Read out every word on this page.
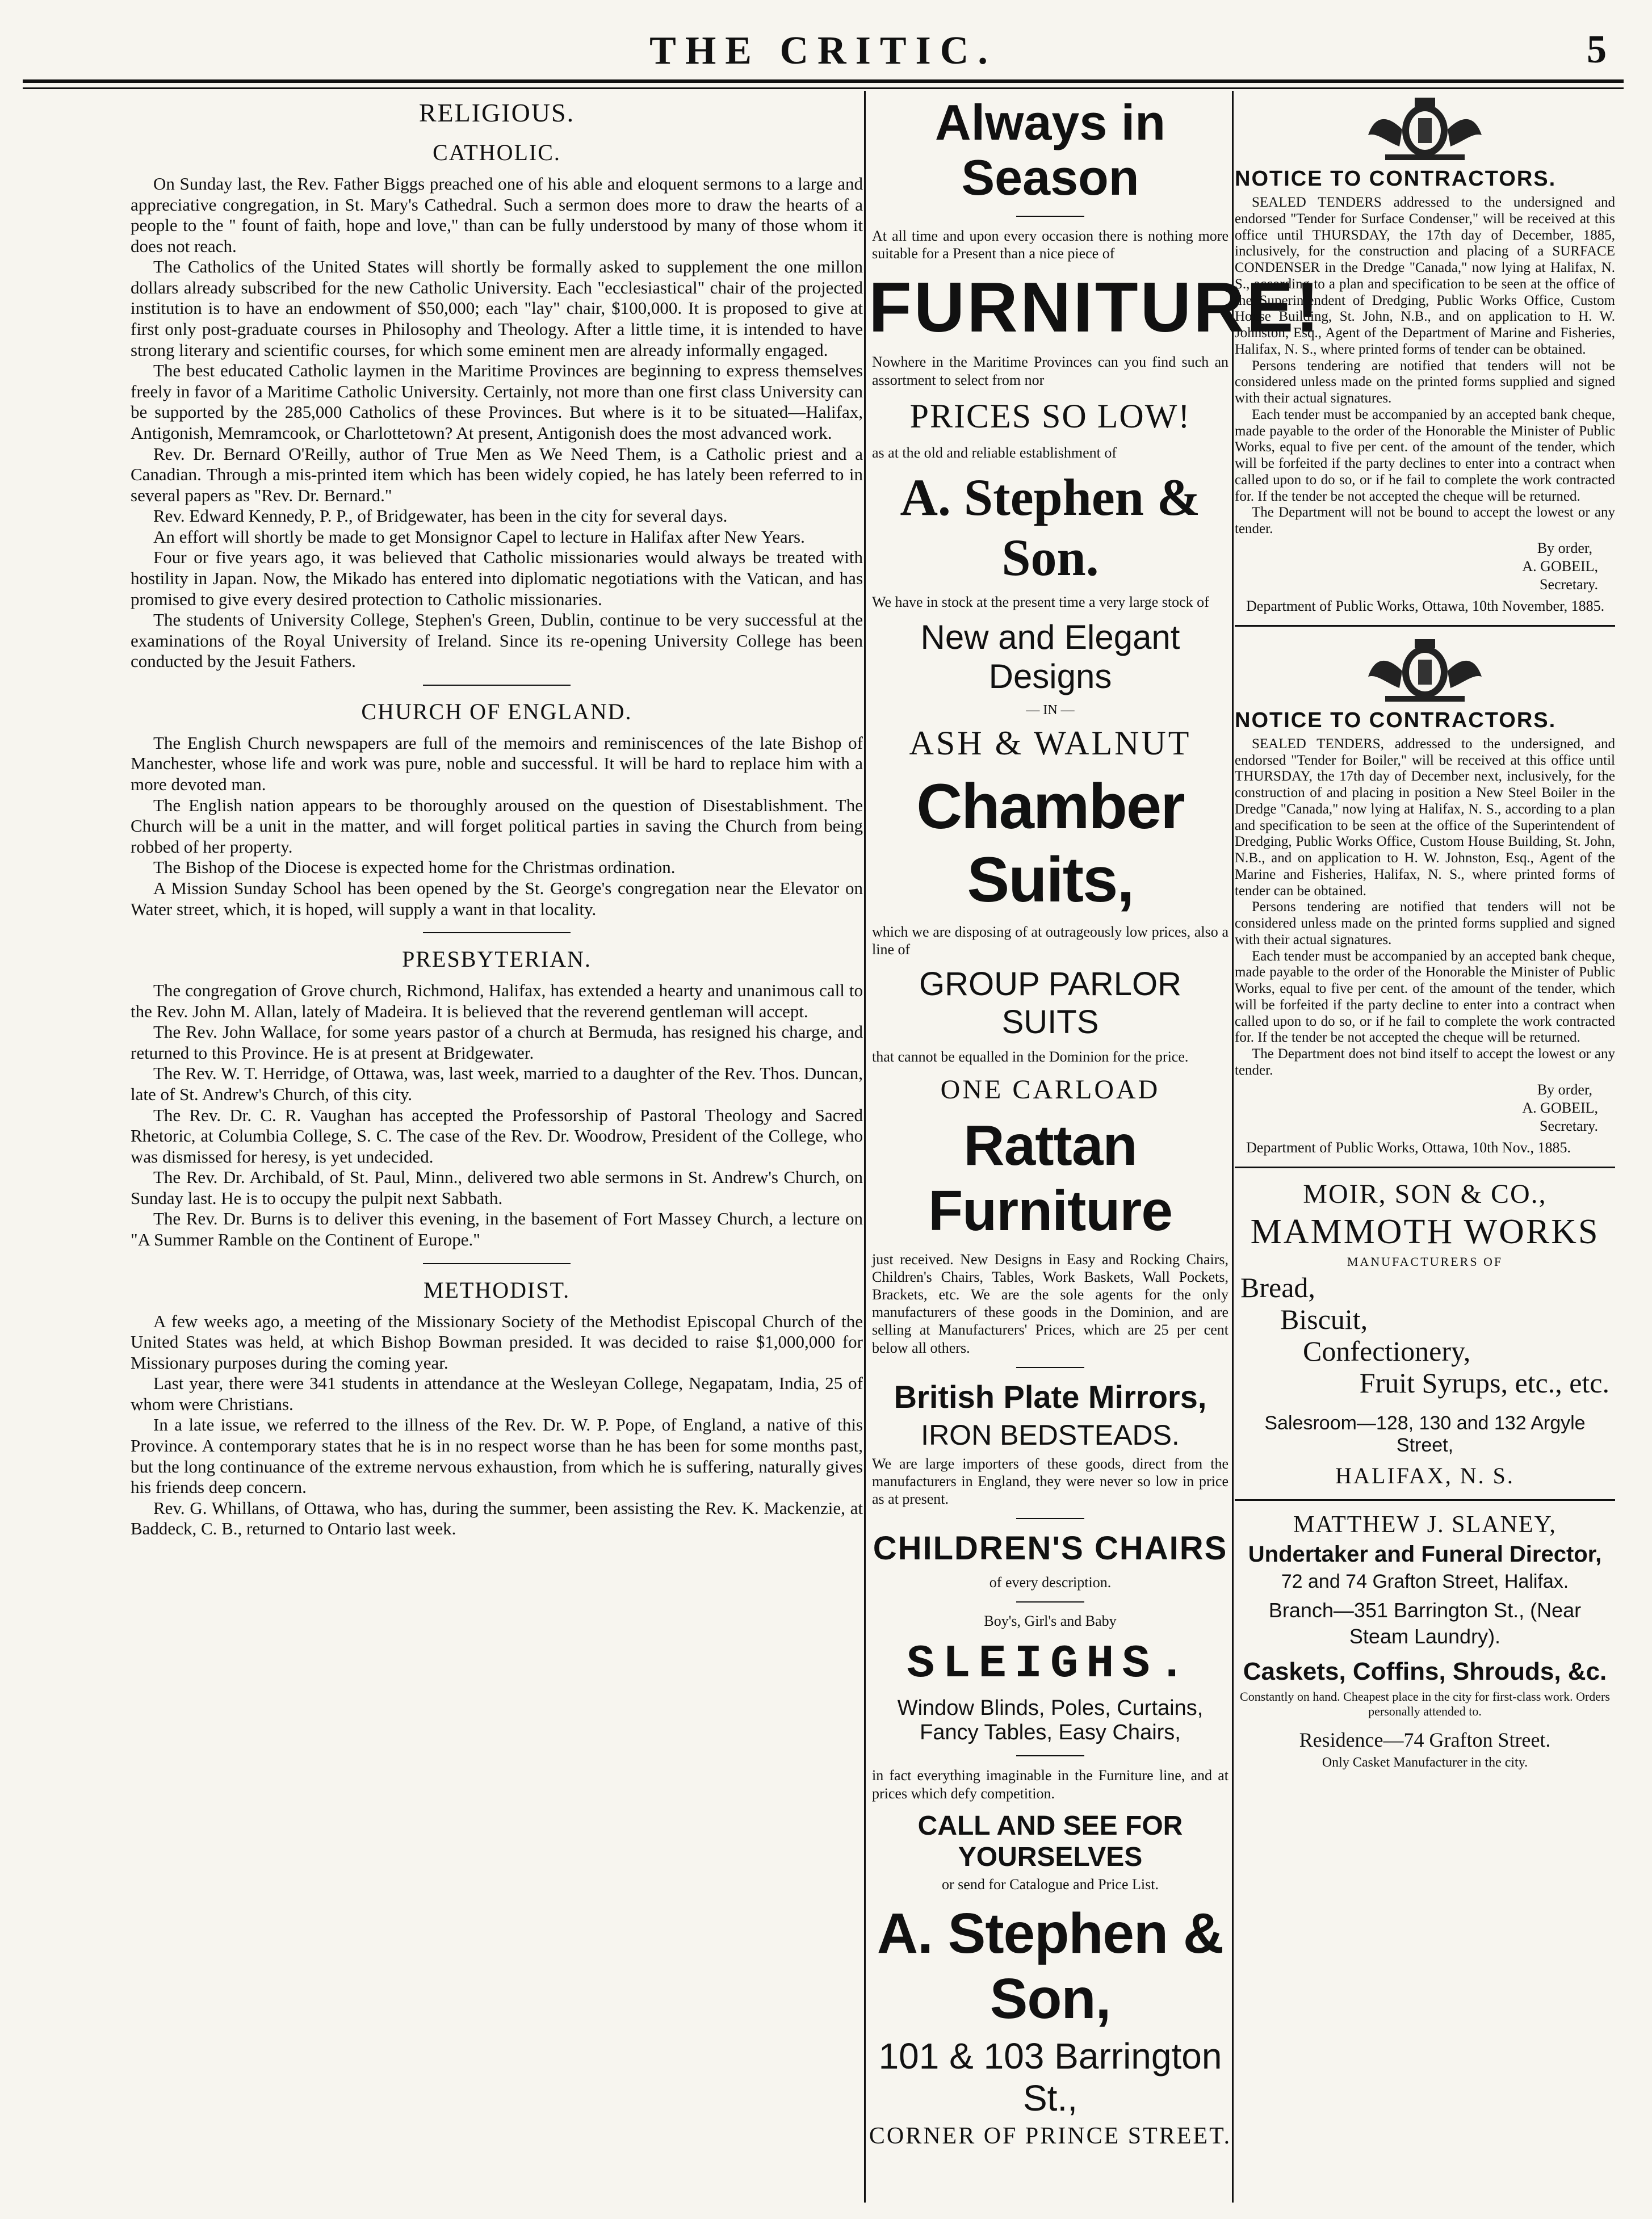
THE CRITIC.	5
RELIGIOUS.
CATHOLIC.

On Sunday last, the Rev. Father Biggs preached one of his able and eloquent sermons to a large and appreciative congregation, in St. Mary's Cathedral. Such a sermon does more to draw the hearts of a people to the " fount of faith, hope and love," than can be fully understood by many of those whom it does not reach.

The Catholics of the United States will shortly be formally asked to supplement the one millon dollars already subscribed for the new Catholic University. Each "ecclesiastical" chair of the projected institution is to have an endowment of $50,000; each "lay" chair, $100,000. It is proposed to give at first only post-graduate courses in Philosophy and Theology. After a little time, it is intended to have strong literary and scientific courses, for which some eminent men are already informally engaged.

The best educated Catholic laymen in the Maritime Provinces are beginning to express themselves freely in favor of a Maritime Catholic University. Certainly, not more than one first class University can be supported by the 285,000 Catholics of these Provinces. But where is it to be situated—Halifax, Antigonish, Memramcook, or Charlottetown? At present, Antigonish does the most advanced work.

Rev. Dr. Bernard O'Reilly, author of True Men as We Need Them, is a Catholic priest and a Canadian. Through a mis-printed item which has been widely copied, he has lately been referred to in several papers as "Rev. Dr. Bernard."

Rev. Edward Kennedy, P. P., of Bridgewater, has been in the city for several days.

An effort will shortly be made to get Monsignor Capel to lecture in Halifax after New Years.

Four or five years ago, it was believed that Catholic missionaries would always be treated with hostility in Japan. Now, the Mikado has entered into diplomatic negotiations with the Vatican, and has promised to give every desired protection to Catholic missionaries.

The students of University College, Stephen's Green, Dublin, continue to be very successful at the examinations of the Royal University of Ireland. Since its re-opening University College has been conducted by the Jesuit Fathers.

CHURCH OF ENGLAND.

The English Church newspapers are full of the memoirs and reminiscences of the late Bishop of Manchester, whose life and work was pure, noble and successful. It will be hard to replace him with a more devoted man.

The English nation appears to be thoroughly aroused on the question of Disestablishment. The Church will be a unit in the matter, and will forget political parties in saving the Church from being robbed of her property.

The Bishop of the Diocese is expected home for the Christmas ordination.

A Mission Sunday School has been opened by the St. George's congregation near the Elevator on Water street, which, it is hoped, will supply a want in that locality.

PRESBYTERIAN.

The congregation of Grove church, Richmond, Halifax, has extended a hearty and unanimous call to the Rev. John M. Allan, lately of Madeira. It is believed that the reverend gentleman will accept.

The Rev. John Wallace, for some years pastor of a church at Bermuda, has resigned his charge, and returned to this Province. He is at present at Bridgewater.

The Rev. W. T. Herridge, of Ottawa, was, last week, married to a daughter of the Rev. Thos. Duncan, late of St. Andrew's Church, of this city.

The Rev. Dr. C. R. Vaughan has accepted the Professorship of Pastoral Theology and Sacred Rhetoric, at Columbia College, S. C. The case of the Rev. Dr. Woodrow, President of the College, who was dismissed for heresy, is yet undecided.

The Rev. Dr. Archibald, of St. Paul, Minn., delivered two able sermons in St. Andrew's Church, on Sunday last. He is to occupy the pulpit next Sabbath.

The Rev. Dr. Burns is to deliver this evening, in the basement of Fort Massey Church, a lecture on "A Summer Ramble on the Continent of Europe."

METHODIST.

A few weeks ago, a meeting of the Missionary Society of the Methodist Episcopal Church of the United States was held, at which Bishop Bowman presided. It was decided to raise $1,000,000 for Missionary purposes during the coming year.

Last year, there were 341 students in attendance at the Wesleyan College, Negapatam, India, 25 of whom were Christians.

In a late issue, we referred to the illness of the Rev. Dr. W. P. Pope, of England, a native of this Province. A contemporary states that he is in no respect worse than he has been for some months past, but the long continuance of the extreme nervous exhaustion, from which he is suffering, naturally gives his friends deep concern.

Rev. G. Whillans, of Ottawa, who has, during the summer, been assisting the Rev. K. Mackenzie, at Baddeck, C. B., returned to Ontario last week.

Always in Season
At all time and upon every occasion there is nothing more suitable for a Present than a nice piece of
FURNITURE!
Nowhere in the Maritime Provinces can you find such an assortment to select from nor
PRICES SO LOW!
as at the old and reliable establishment of
A. Stephen & Son.
We have in stock at the present time a very large stock of
New and Elegant Designs
— IN —
ASH & WALNUT
Chamber Suits,
which we are disposing of at outrageously low prices, also a line of
GROUP PARLOR SUITS
that cannot be equalled in the Dominion for the price.
ONE CARLOAD
Rattan Furniture
just received. New Designs in Easy and Rocking Chairs, Children's Chairs, Tables, Work Baskets, Wall Pockets, Brackets, etc. We are the sole agents for the only manufacturers of these goods in the Dominion, and are selling at Manufacturers' Prices, which are 25 per cent below all others.
British Plate Mirrors,
IRON BEDSTEADS.
We are large importers of these goods, direct from the manufacturers in England, they were never so low in price as at present.
CHILDREN'S CHAIRS
of every description.
Boy's, Girl's and Baby
SLEIGHS.
Window Blinds, Poles, Curtains, Fancy Tables, Easy Chairs,
in fact everything imaginable in the Furniture line, and at prices which defy competition.
CALL AND SEE FOR YOURSELVES
or send for Catalogue and Price List.
A. Stephen & Son,
101 & 103 Barrington St.,
CORNER OF PRINCE STREET.
NOTICE TO CONTRACTORS.

SEALED TENDERS addressed to the undersigned and endorsed "Tender for Surface Condenser," will be received at this office until THURSDAY, the 17th day of December, 1885, inclusively, for the construction and placing of a SURFACE CONDENSER in the Dredge "Canada," now lying at Halifax, N. S., according to a plan and specification to be seen at the office of the Superintendent of Dredging, Public Works Office, Custom House Building, St. John, N.B., and on application to H. W. Johnston, Esq., Agent of the Department of Marine and Fisheries, Halifax, N. S., where printed forms of tender can be obtained.

Persons tendering are notified that tenders will not be considered unless made on the printed forms supplied and signed with their actual signatures.

Each tender must be accompanied by an accepted bank cheque, made payable to the order of the Honorable the Minister of Public Works, equal to five per cent. of the amount of the tender, which will be forfeited if the party declines to enter into a contract when called upon to do so, or if he fail to complete the work contracted for. If the tender be not accepted the cheque will be returned.

The Department will not be bound to accept the lowest or any tender.

By order,
A. GOBEIL,
Secretary.
Department of Public Works, Ottawa, 10th November, 1885.
NOTICE TO CONTRACTORS.

SEALED TENDERS, addressed to the undersigned, and endorsed "Tender for Boiler," will be received at this office until THURSDAY, the 17th day of December next, inclusively, for the construction of and placing in position a New Steel Boiler in the Dredge "Canada," now lying at Halifax, N. S., according to a plan and specification to be seen at the office of the Superintendent of Dredging, Public Works Office, Custom House Building, St. John, N.B., and on application to H. W. Johnston, Esq., Agent of the Marine and Fisheries, Halifax, N. S., where printed forms of tender can be obtained.

Persons tendering are notified that tenders will not be considered unless made on the printed forms supplied and signed with their actual signatures.

Each tender must be accompanied by an accepted bank cheque, made payable to the order of the Honorable the Minister of Public Works, equal to five per cent. of the amount of the tender, which will be forfeited if the party decline to enter into a contract when called upon to do so, or if he fail to complete the work contracted for. If the tender be not accepted the cheque will be returned.

The Department does not bind itself to accept the lowest or any tender.

By order,
A. GOBEIL,
Secretary.
Department of Public Works, Ottawa, 10th Nov., 1885.
MOIR, SON & CO.,
MAMMOTH WORKS
MANUFACTURERS OF

Bread,

Biscuit,

Confectionery,

Fruit Syrups, etc., etc.

Salesroom—128, 130 and 132 Argyle Street,
HALIFAX, N. S.
MATTHEW J. SLANEY,
Undertaker and Funeral Director,
72 and 74 Grafton Street, Halifax.
Branch—351 Barrington St., (Near
Steam Laundry).
Caskets, Coffins, Shrouds, &c.
Constantly on hand. Cheapest place in the city for first-class work. Orders personally attended to.
Residence—74 Grafton Street.
Only Casket Manufacturer in the city.
